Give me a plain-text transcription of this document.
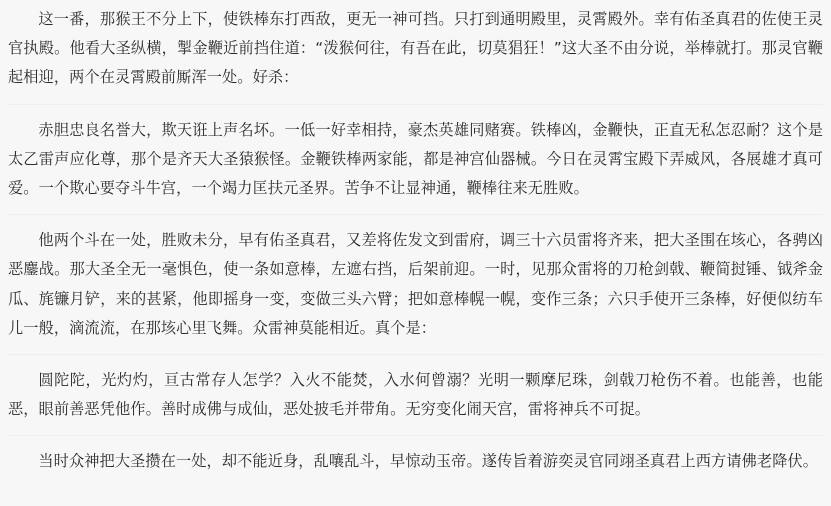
这一番，那猴王不分上下，使铁棒东打西敌，更无一神可挡。只打到通明殿里，灵霄殿外。幸有佑圣真君的佐使王灵官执殿。他看大圣纵横，掣金鞭近前挡住道：“泼猴何往，有吾在此，切莫猖狂！”这大圣不由分说，举棒就打。那灵官鞭起相迎，两个在灵霄殿前厮浑一处。好杀：

赤胆忠良名誉大，欺天诳上声名坏。一低一好幸相持，豪杰英雄同赌赛。铁棒凶，金鞭快，正直无私怎忍耐？这个是太乙雷声应化尊，那个是齐天大圣猿猴怪。金鞭铁棒两家能，都是神宫仙器械。今日在灵霄宝殿下弄威风，各展雄才真可爱。一个欺心要夺斗牛宫，一个竭力匡扶元圣界。苦争不让显神通，鞭棒往来无胜败。

他两个斗在一处，胜败未分，早有佑圣真君，又差将佐发文到雷府，调三十六员雷将齐来，把大圣围在垓心，各骋凶恶鏖战。那大圣全无一毫惧色，使一条如意棒，左遮右挡，后架前迎。一时，见那众雷将的刀枪剑戟、鞭简挝锤、钺斧金瓜、旄镰月铲，来的甚紧，他即摇身一变，变做三头六臂；把如意棒幌一幌，变作三条；六只手使开三条棒，好便似纺车儿一般，滴流流，在那垓心里飞舞。众雷神莫能相近。真个是：

圆陀陀，光灼灼，亘古常存人怎学？入火不能焚，入水何曾溺？光明一颗摩尼珠，剑戟刀枪伤不着。也能善，也能恶，眼前善恶凭他作。善时成佛与成仙，恶处披毛并带角。无穷变化闹天宫，雷将神兵不可捉。

当时众神把大圣攒在一处，却不能近身，乱嚷乱斗，早惊动玉帝。遂传旨着游奕灵官同翊圣真君上西方请佛老降伏。
